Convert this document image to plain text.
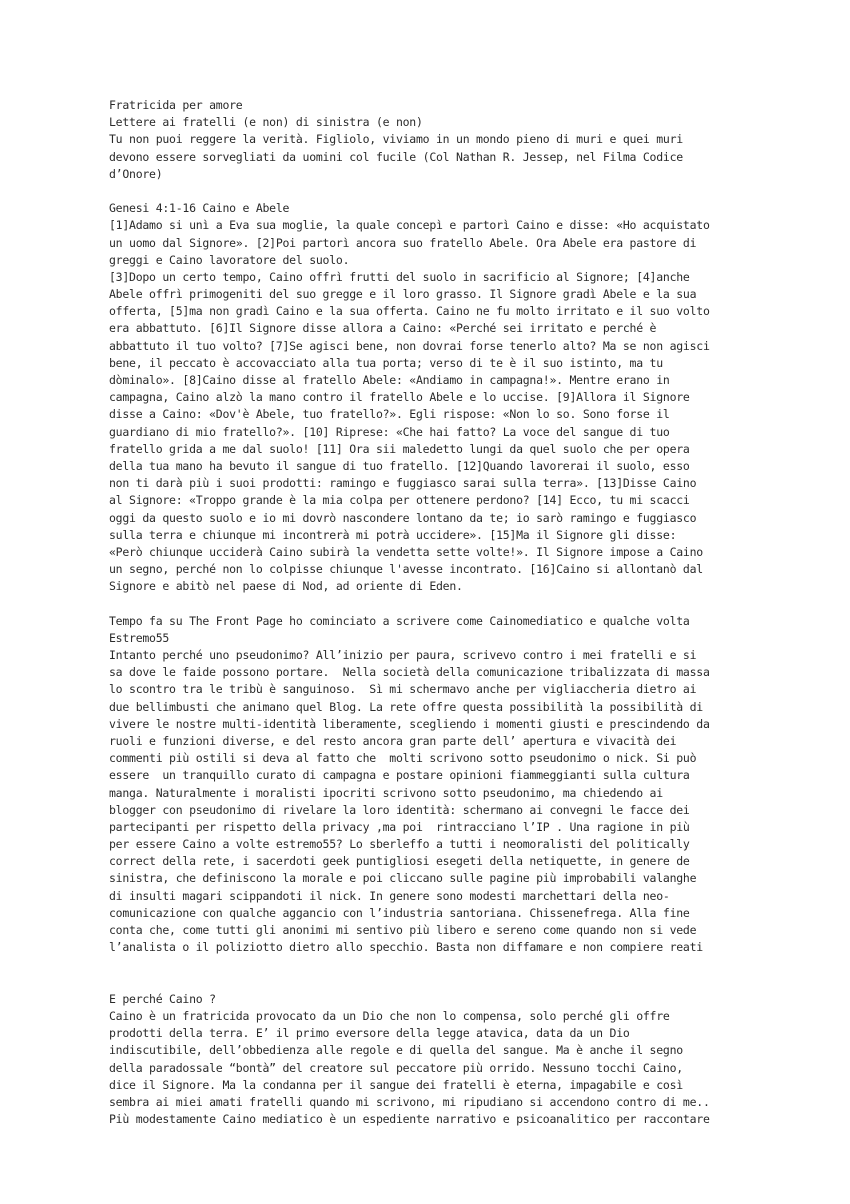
Fratricida per amore
Lettere ai fratelli (e non) di sinistra (e non)
Tu non puoi reggere la verità. Figliolo, viviamo in un mondo pieno di muri e quei muri
devono essere sorvegliati da uomini col fucile (Col Nathan R. Jessep, nel Filma Codice
d’Onore)
Genesi 4:1-16 Caino e Abele
[1]Adamo si unì a Eva sua moglie, la quale concepì e partorì Caino e disse: «Ho acquistato
un uomo dal Signore». [2]Poi partorì ancora suo fratello Abele. Ora Abele era pastore di
greggi e Caino lavoratore del suolo.
[3]Dopo un certo tempo, Caino offrì frutti del suolo in sacrificio al Signore; [4]anche
Abele offrì primogeniti del suo gregge e il loro grasso. Il Signore gradì Abele e la sua
offerta, [5]ma non gradì Caino e la sua offerta. Caino ne fu molto irritato e il suo volto
era abbattuto. [6]Il Signore disse allora a Caino: «Perché sei irritato e perché è
abbattuto il tuo volto? [7]Se agisci bene, non dovrai forse tenerlo alto? Ma se non agisci
bene, il peccato è accovacciato alla tua porta; verso di te è il suo istinto, ma tu
dòminalo». [8]Caino disse al fratello Abele: «Andiamo in campagna!». Mentre erano in
campagna, Caino alzò la mano contro il fratello Abele e lo uccise. [9]Allora il Signore
disse a Caino: «Dov'è Abele, tuo fratello?». Egli rispose: «Non lo so. Sono forse il
guardiano di mio fratello?». [10] Riprese: «Che hai fatto? La voce del sangue di tuo
fratello grida a me dal suolo! [11] Ora sii maledetto lungi da quel suolo che per opera
della tua mano ha bevuto il sangue di tuo fratello. [12]Quando lavorerai il suolo, esso
non ti darà più i suoi prodotti: ramingo e fuggiasco sarai sulla terra». [13]Disse Caino
al Signore: «Troppo grande è la mia colpa per ottenere perdono? [14] Ecco, tu mi scacci
oggi da questo suolo e io mi dovrò nascondere lontano da te; io sarò ramingo e fuggiasco
sulla terra e chiunque mi incontrerà mi potrà uccidere». [15]Ma il Signore gli disse:
«Però chiunque ucciderà Caino subirà la vendetta sette volte!». Il Signore impose a Caino
un segno, perché non lo colpisse chiunque l'avesse incontrato. [16]Caino si allontanò dal
Signore e abitò nel paese di Nod, ad oriente di Eden.
Tempo fa su The Front Page ho cominciato a scrivere come Cainomediatico e qualche volta
Estremo55
Intanto perché uno pseudonimo? All’inizio per paura, scrivevo contro i mei fratelli e si
sa dove le faide possono portare.  Nella società della comunicazione tribalizzata di massa
lo scontro tra le tribù è sanguinoso.  Sì mi schermavo anche per vigliaccheria dietro ai
due bellimbusti che animano quel Blog. La rete offre questa possibilità la possibilità di
vivere le nostre multi-identità liberamente, scegliendo i momenti giusti e prescindendo da
ruoli e funzioni diverse, e del resto ancora gran parte dell’ apertura e vivacità dei
commenti più ostili si deva al fatto che  molti scrivono sotto pseudonimo o nick. Si può
essere  un tranquillo curato di campagna e postare opinioni fiammeggianti sulla cultura
manga. Naturalmente i moralisti ipocriti scrivono sotto pseudonimo, ma chiedendo ai
blogger con pseudonimo di rivelare la loro identità: schermano ai convegni le facce dei
partecipanti per rispetto della privacy ,ma poi  rintracciano l’IP . Una ragione in più
per essere Caino a volte estremo55? Lo sberleffo a tutti i neomoralisti del politically
correct della rete, i sacerdoti geek puntigliosi esegeti della netiquette, in genere de
sinistra, che definiscono la morale e poi cliccano sulle pagine più improbabili valanghe
di insulti magari scippandoti il nick. In genere sono modesti marchettari della neo-
comunicazione con qualche aggancio con l’industria santoriana. Chissenefrega. Alla fine
conta che, come tutti gli anonimi mi sentivo più libero e sereno come quando non si vede
l’analista o il poliziotto dietro allo specchio. Basta non diffamare e non compiere reati
E perché Caino ?
Caino è un fratricida provocato da un Dio che non lo compensa, solo perché gli offre
prodotti della terra. E’ il primo eversore della legge atavica, data da un Dio
indiscutibile, dell’obbedienza alle regole e di quella del sangue. Ma è anche il segno
della paradossale “bontà” del creatore sul peccatore più orrido. Nessuno tocchi Caino,
dice il Signore. Ma la condanna per il sangue dei fratelli è eterna, impagabile e così
sembra ai miei amati fratelli quando mi scrivono, mi ripudiano si accendono contro di me..
Più modestamente Caino mediatico è un espediente narrativo e psicoanalitico per raccontare
